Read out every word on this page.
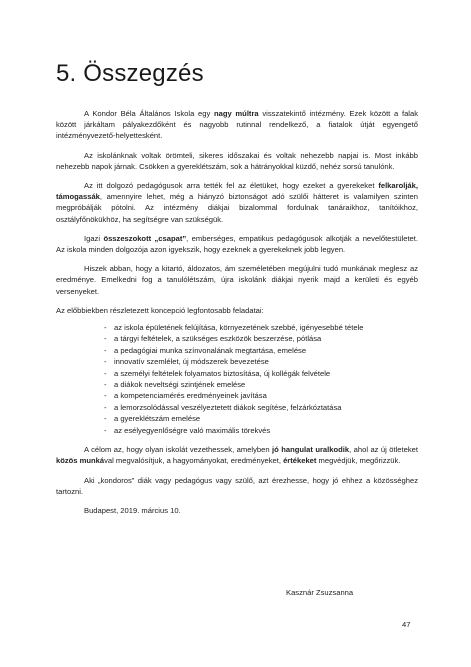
5. Összegzés

A Kondor Béla Általános Iskola egy nagy múltra visszatekintő intézmény. Ezek között a falak között járkáltam pályakezdőként és nagyobb rutinnal rendelkező, a fiatalok útját egyengető intézményvezető-helyettesként.

Az iskolánknak voltak örömteli, sikeres időszakai és voltak nehezebb napjai is. Most inkább nehezebb napok járnak. Csökken a gyereklétszám, sok a hátrányokkal küzdő, nehéz sorsú tanulónk.

Az itt dolgozó pedagógusok arra tették fel az életüket, hogy ezeket a gyerekeket felkarolják, támogassák, amennyire lehet, még a hiányzó biztonságot adó szülői hátteret is valamilyen szinten megpróbálják pótolni. Az intézmény diákjai bizalommal fordulnak tanáraikhoz, tanítóikhoz, osztályfőnökükhöz, ha segítségre van szükségük.

Igazi összeszokott „csapat”, emberséges, empatikus pedagógusok alkotják a nevelőtestületet. Az iskola minden dolgozója azon igyekszik, hogy ezeknek a gyerekeknek jobb legyen.

Hiszek abban, hogy a kitartó, áldozatos, ám személetében megújulni tudó munkának meglesz az eredménye. Emelkedni fog a tanulólétszám, újra iskolánk diákjai nyerik majd a kerületi és egyéb versenyeket.

Az előbbiekben részletezett koncepció legfontosabb feladatai:

- az iskola épületének felújítása, környezetének szebbé, igényesebbé tétele
- a tárgyi feltételek, a szükséges eszközök beszerzése, pótlása
- a pedagógiai munka színvonalának megtartása, emelése
- innovatív szemlélet, új módszerek bevezetése
- a személyi feltételek folyamatos biztosítása, új kollégák felvétele
- a diákok neveltségi szintjének emelése
- a kompetenciamérés eredményeinek javítása
- a lemorzsolódással veszélyeztetett diákok segítése, felzárkóztatása
- a gyereklétszám emelése
- az esélyegyenlőségre való maximális törekvés

A célom az, hogy olyan iskolát vezethessek, amelyben jó hangulat uralkodik, ahol az új ötleteket közös munkával megvalósítjuk, a hagyományokat, eredményeket, értékeket megvédjük, megőrizzük.

Aki „kondoros” diák vagy pedagógus vagy szülő, azt érezhesse, hogy jó ehhez a közösséghez tartozni.

Budapest, 2019. március 10.

Kasznár Zsuzsanna
47
